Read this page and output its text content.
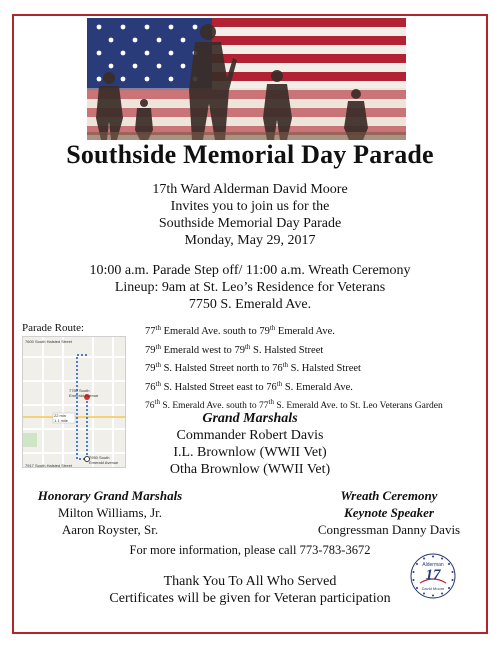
Southside Memorial Day Parade
17th Ward Alderman David Moore
Invites you to join us for the
Southside Memorial Day Parade
Monday, May 29, 2017
10:00 a.m. Parade Step off/ 11:00 a.m. Wreath Ceremony
Lineup: 9am at St. Leo’s Residence for Veterans
7750 S. Emerald Ave.
Parade Route:
7600 South Halsted Street
7750 South
Emerald Avenue
22 min
1.1 mile
7950 South
Emerald Avenue
7917 South Halsted Street
77th Emerald Ave. south to 79th Emerald Ave.
79th Emerald west to 79th S. Halsted Street
79th S. Halsted Street north to 76th S. Halsted Street
76th S. Halsted Street east to 76th S. Emerald Ave.
76th S. Emerald Ave. south to 77th S. Emerald Ave. to St. Leo Veterans Garden
Grand Marshals
Commander Robert Davis
I.L. Brownlow (WWII Vet)
Otha Brownlow (WWII Vet)
Honorary Grand Marshals
Milton Williams, Jr.
Aaron Royster, Sr.
Wreath Ceremony
Keynote Speaker
Congressman Danny Davis
For more information, please call 773-783-3672
Thank You To All Who Served
Certificates will be given for Veteran participation
Alderman
17
David Moore
